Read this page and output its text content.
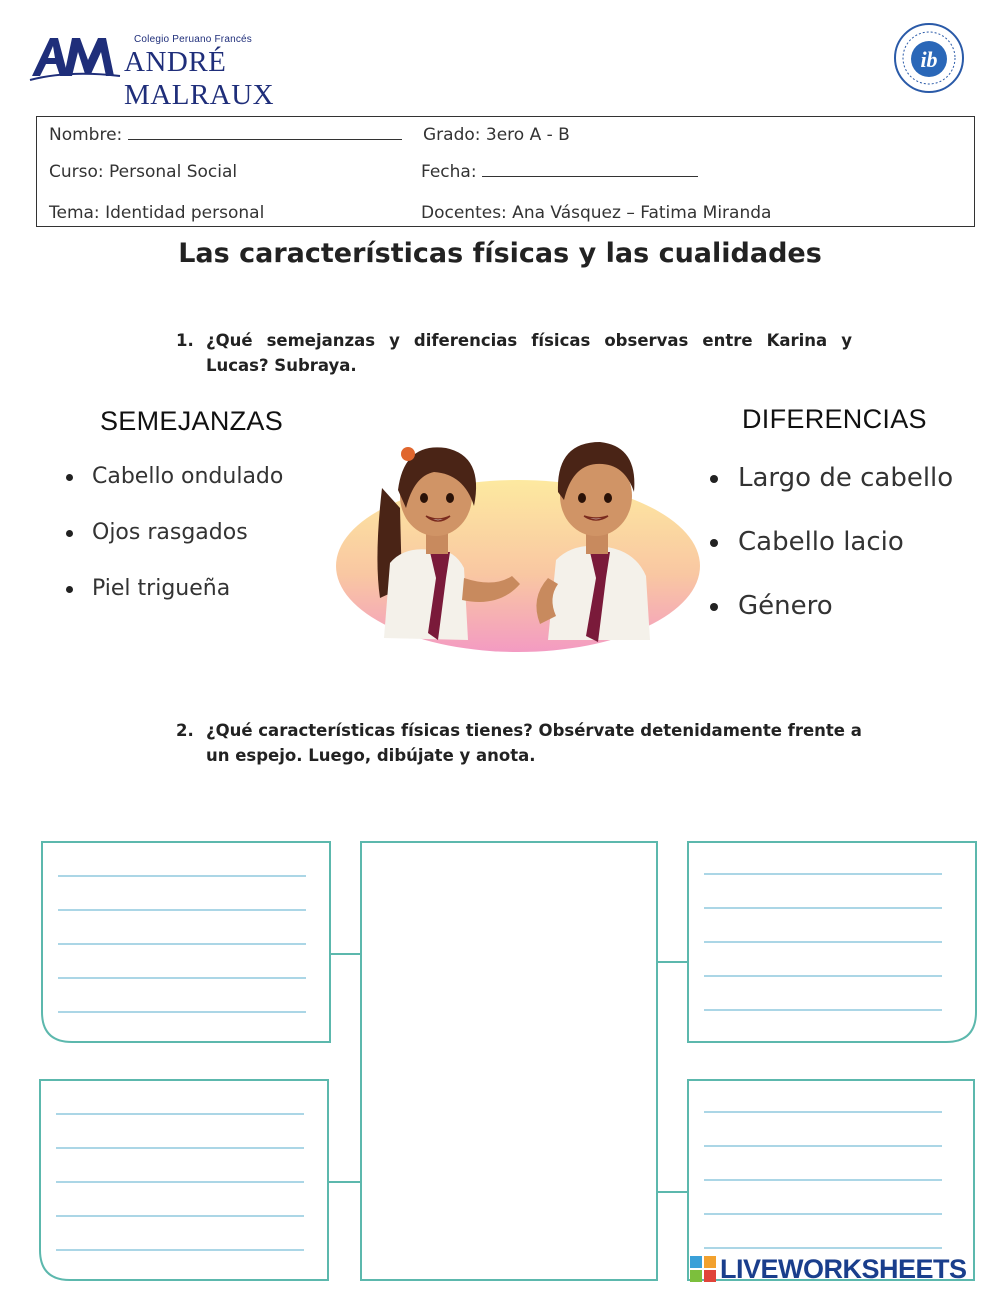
Colegio Peruano Francés
ANDRÉ MALRAUX
ib
Nombre:	Grado: 3ero A - B
Curso: Personal Social	Fecha:
Tema: Identidad personal	Docentes: Ana Vásquez – Fatima Miranda
Las características físicas y las cualidades
1. ¿Qué semejanzas y diferencias físicas observas entre Karina y Lucas? Subraya.
SEMEJANZAS
Cabello ondulado
Ojos rasgados
Piel trigueña
DIFERENCIAS
Largo de cabello
Cabello lacio
Género
2. ¿Qué características físicas tienes? Obsérvate detenidamente frente a un espejo. Luego, dibújate y anota.
LIVEWORKSHEETS
